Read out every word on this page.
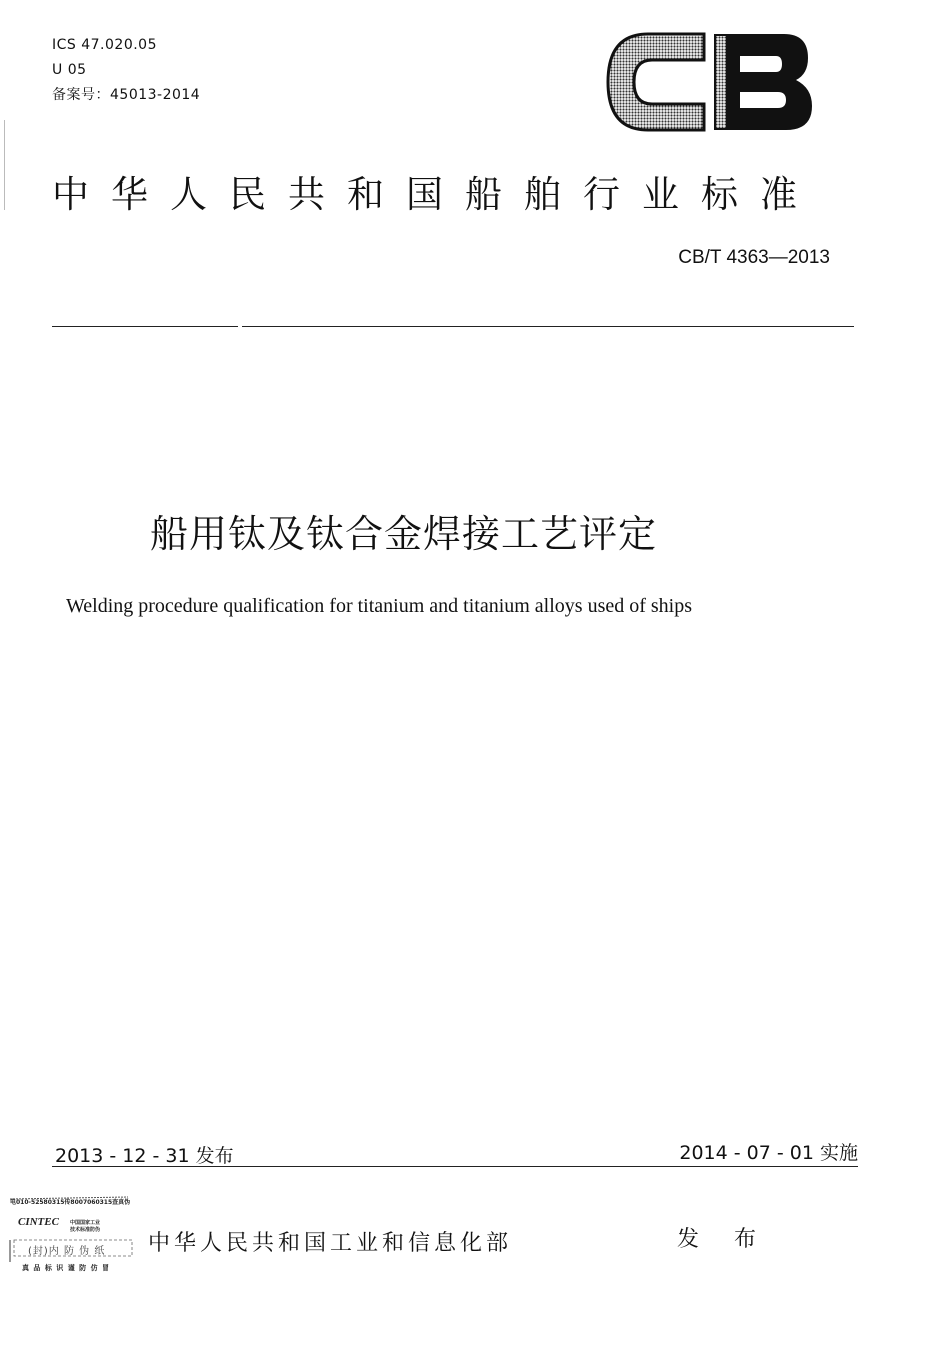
ICS 47.020.05
U 05
备案号：45013-2014
中华人民共和国船舶行业标准
CB/T 4363—2013
船用钛及钛合金焊接工艺评定
Welding procedure qualification for titanium and titanium alloys used of ships
2013 - 12 - 31 发布	2014 - 07 - 01 实施
电010-52580315传8007060315查真伪
CINTEC 中国国家工业
技术标准防伪
(封)内 防 伪 纸
真 品 标 识 谨 防 仿 冒
中华人民共和国工业和信息化部	发 布
